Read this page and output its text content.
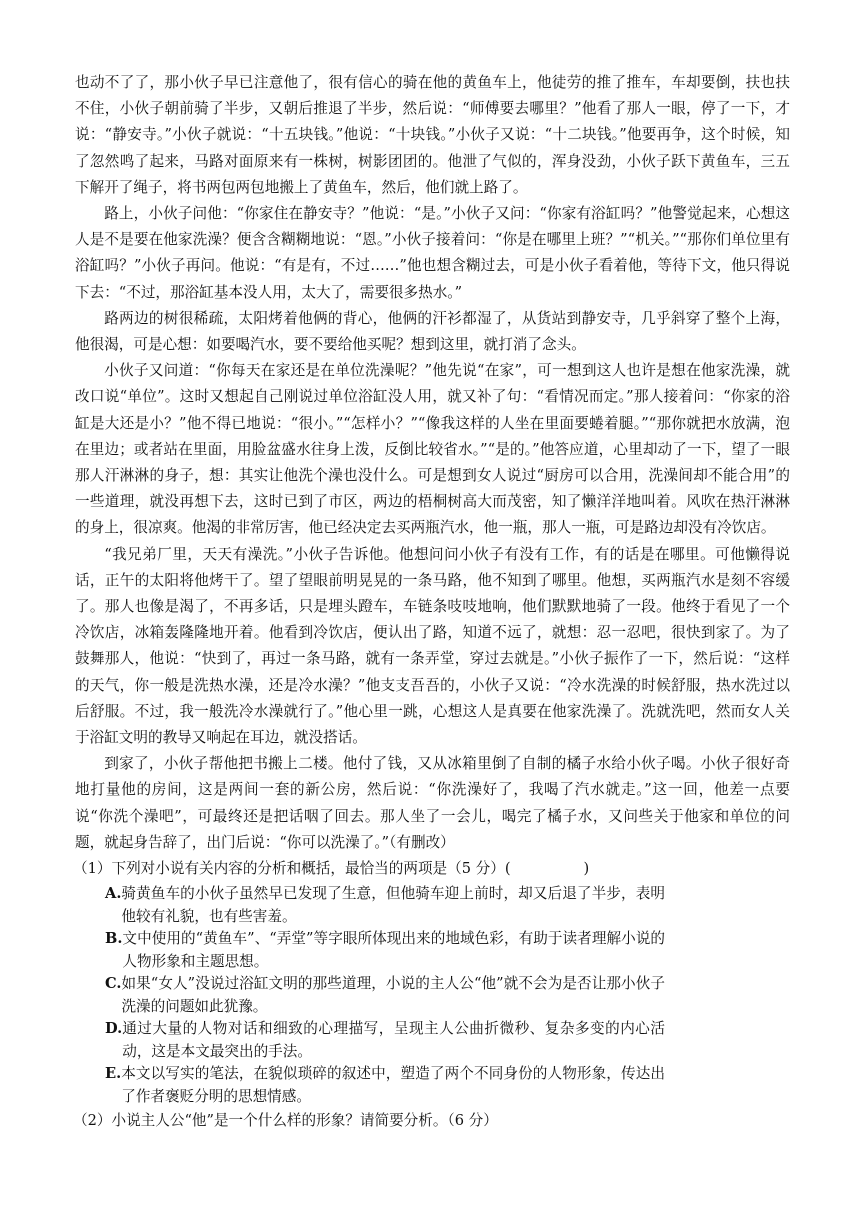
也动不了了，那小伙子早已注意他了，很有信心的骑在他的黄鱼车上，他徒劳的推了推车，车却要倒，扶也扶不住，小伙子朝前骑了半步，又朝后推退了半步，然后说：“师傅要去哪里？”他看了那人一眼，停了一下，才说：“静安寺。”小伙子就说：“十五块钱。”他说：“十块钱。”小伙子又说：“十二块钱。”他要再争，这个时候，知了忽然鸣了起来，马路对面原来有一株树，树影团团的。他泄了气似的，浑身没劲，小伙子跃下黄鱼车，三五下解开了绳子，将书两包两包地搬上了黄鱼车，然后，他们就上路了。

路上，小伙子问他：“你家住在静安寺？”他说：“是。”小伙子又问：“你家有浴缸吗？”他警觉起来，心想这人是不是要在他家洗澡？便含含糊糊地说：“恩。”小伙子接着问：“你是在哪里上班？”“机关。”“那你们单位里有浴缸吗？”小伙子再问。他说：“有是有，不过……”他也想含糊过去，可是小伙子看着他，等待下文，他只得说下去：“不过，那浴缸基本没人用，太大了，需要很多热水。”

路两边的树很稀疏，太阳烤着他俩的背心，他俩的汗衫都湿了，从货站到静安寺，几乎斜穿了整个上海，他很渴，可是心想：如要喝汽水，要不要给他买呢？想到这里，就打消了念头。

小伙子又问道：“你每天在家还是在单位洗澡呢？”他先说“在家”，可一想到这人也许是想在他家洗澡，就改口说“单位”。这时又想起自己刚说过单位浴缸没人用，就又补了句：“看情况而定。”那人接着问：“你家的浴缸是大还是小？”他不得已地说：“很小。”“怎样小？”“像我这样的人坐在里面要蜷着腿。”“那你就把水放满，泡在里边；或者站在里面，用脸盆盛水往身上泼，反倒比较省水。”“是的。”他答应道，心里却动了一下，望了一眼那人汗淋淋的身子，想：其实让他洗个澡也没什么。可是想到女人说过“厨房可以合用，洗澡间却不能合用”的一些道理，就没再想下去，这时已到了市区，两边的梧桐树高大而茂密，知了懒洋洋地叫着。风吹在热汗淋淋的身上，很凉爽。他渴的非常厉害，他已经决定去买两瓶汽水，他一瓶，那人一瓶，可是路边却没有冷饮店。

“我兄弟厂里，天天有澡洗。”小伙子告诉他。他想问问小伙子有没有工作，有的话是在哪里。可他懒得说话，正午的太阳将他烤干了。望了望眼前明晃晃的一条马路，他不知到了哪里。他想，买两瓶汽水是刻不容缓了。那人也像是渴了，不再多话，只是埋头蹬车，车链条吱吱地响，他们默默地骑了一段。他终于看见了一个冷饮店，冰箱轰隆隆地开着。他看到冷饮店，便认出了路，知道不远了，就想：忍一忍吧，很快到家了。为了鼓舞那人，他说：“快到了，再过一条马路，就有一条弄堂，穿过去就是。”小伙子振作了一下，然后说：“这样的天气，你一般是洗热水澡，还是冷水澡？”他支支吾吾的，小伙子又说：“冷水洗澡的时候舒服，热水洗过以后舒服。不过，我一般洗冷水澡就行了。”他心里一跳，心想这人是真要在他家洗澡了。洗就洗吧，然而女人关于浴缸文明的教导又响起在耳边，就没搭话。

到家了，小伙子帮他把书搬上二楼。他付了钱，又从冰箱里倒了自制的橘子水给小伙子喝。小伙子很好奇地打量他的房间，这是两间一套的新公房，然后说：“你洗澡好了，我喝了汽水就走。”这一回，他差一点要说“你洗个澡吧”，可最终还是把话咽了回去。那人坐了一会儿，喝完了橘子水，又问些关于他家和单位的问题，就起身告辞了，出门后说：“你可以洗澡了。”（有删改）

（1）下列对小说有关内容的分析和概括，最恰当的两项是（5 分）(　　　　　)

A. 骑黄鱼车的小伙子虽然早已发现了生意，但他骑车迎上前时，却又后退了半步，表明他较有礼貌，也有些害羞。
B. 文中使用的“黄鱼车”、“弄堂”等字眼所体现出来的地域色彩，有助于读者理解小说的人物形象和主题思想。
C. 如果“女人”没说过浴缸文明的那些道理，小说的主人公“他”就不会为是否让那小伙子洗澡的问题如此犹豫。
D. 通过大量的人物对话和细致的心理描写，呈现主人公曲折微秒、复杂多变的内心活动，这是本文最突出的手法。
E. 本文以写实的笔法，在貌似琐碎的叙述中，塑造了两个不同身份的人物形象，传达出了作者褒贬分明的思想情感。

（2）小说主人公“他”是一个什么样的形象？请简要分析。（6 分）
